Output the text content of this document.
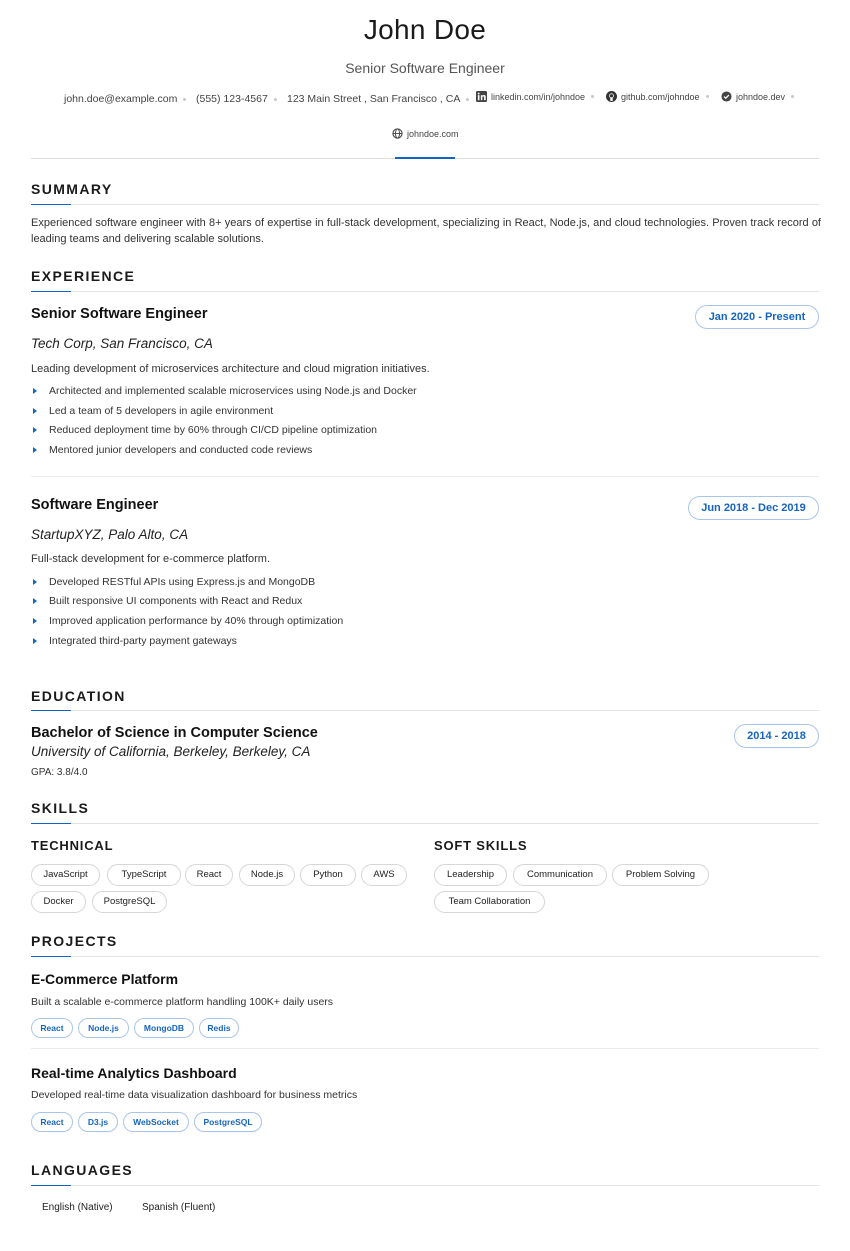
John Doe
Senior Software Engineer
john.doe@example.com (555) 123-4567 123 Main Street , San Francisco , CA	linkedin.com/in/johndoe	github.com/johndoe	johndoe.dev
johndoe.com
SUMMARY
Experienced software engineer with 8+ years of expertise in full-stack development, specializing in React, Node.js, and cloud technologies. Proven track record of leading teams and delivering scalable solutions.
EXPERIENCE
Senior Software Engineer	Jan 2020 - Present
Tech Corp, San Francisco, CA
Leading development of microservices architecture and cloud migration initiatives.
Architected and implemented scalable microservices using Node.js and Docker
Led a team of 5 developers in agile environment
Reduced deployment time by 60% through CI/CD pipeline optimization
Mentored junior developers and conducted code reviews
Software Engineer	Jun 2018 - Dec 2019
StartupXYZ, Palo Alto, CA
Full-stack development for e-commerce platform.
Developed RESTful APIs using Express.js and MongoDB
Built responsive UI components with React and Redux
Improved application performance by 40% through optimization
Integrated third-party payment gateways
EDUCATION
Bachelor of Science in Computer Science	2014 - 2018
University of California, Berkeley, Berkeley, CA
GPA: 3.8/4.0
SKILLS
TECHNICAL
JavaScript	TypeScript	React	Node.js	Python	AWS
Docker	PostgreSQL
SOFT SKILLS
Leadership	Communication	Problem Solving
Team Collaboration
PROJECTS
E-Commerce Platform
Built a scalable e-commerce platform handling 100K+ daily users
React	Node.js	MongoDB	Redis
Real-time Analytics Dashboard
Developed real-time data visualization dashboard for business metrics
React	D3.js	WebSocket	PostgreSQL
LANGUAGES
English (Native)	Spanish (Fluent)
